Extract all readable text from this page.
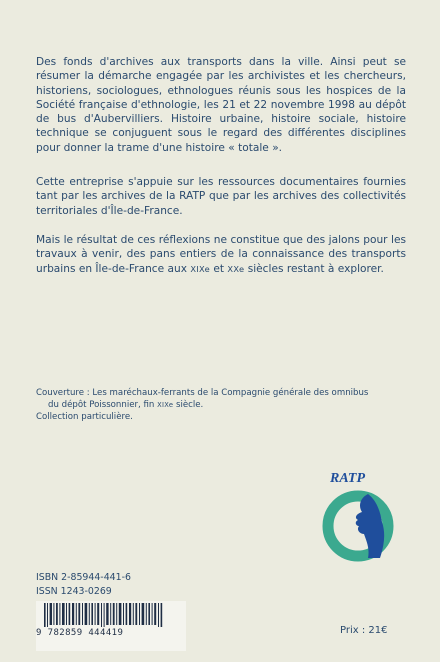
Des fonds d'archives aux transports dans la ville. Ainsi peut se résumer la démarche engagée par les archivistes et les chercheurs, historiens, sociologues, ethnologues réunis sous les hospices de la Société française d'ethnologie, les 21 et 22 novembre 1998 au dépôt de bus d'Aubervilliers. Histoire urbaine, histoire sociale, histoire technique se conjuguent sous le regard des différentes disciplines pour donner la trame d'une histoire « totale ».

Cette entreprise s'appuie sur les ressources documentaires fournies tant par les archives de la RATP que par les archives des collectivités territoriales d'Île-de-France.

Mais le résultat de ces réflexions ne constitue que des jalons pour les travaux à venir, des pans entiers de la connaissance des transports urbains en Île-de-France aux XIXe et XXe siècles restant à explorer.

Couverture : Les maréchaux-ferrants de la Compagnie générale des omnibus
du dépôt Poissonnier, fin XIXe siècle.
Collection particulière.
RATP
ISBN 2-85944-441-6
ISSN 1243-0269
9 782859 444419	Prix : 21€
